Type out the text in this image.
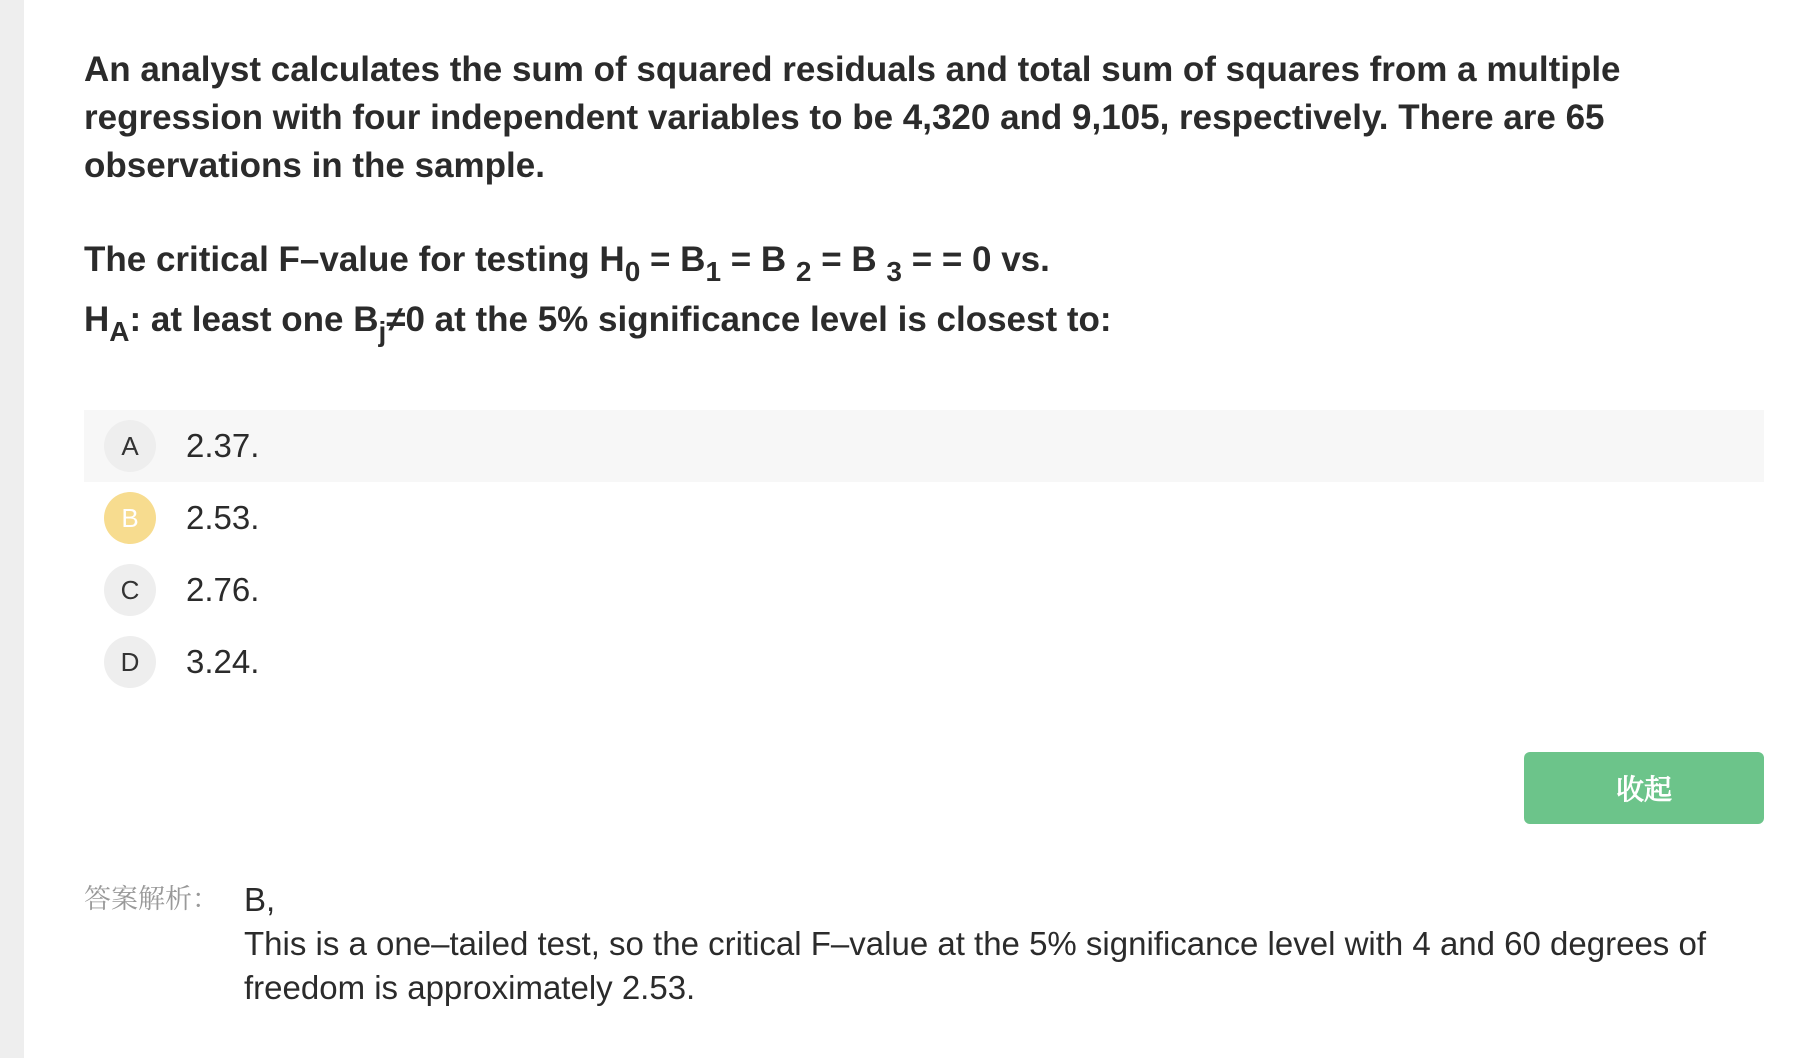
An analyst calculates the sum of squared residuals and total sum of squares from a multiple regression with four independent variables to be 4,320 and 9,105, respectively. There are 65 observations in the sample.

The critical F–value for testing $H_0 = B_1 = B$ $_2$ = B $_3$ = = 0 vs.
$H_A$: at least one $B_j\ne 0$ at the 5% significance level is closest to:
A	2.37.
B	2.53.
C	2.76.
D	3.24.
收起
答案解析： B,

This is a one–tailed test, so the critical F–value at the 5% significance level with 4 and 60 degrees of freedom is approximately 2.53.
